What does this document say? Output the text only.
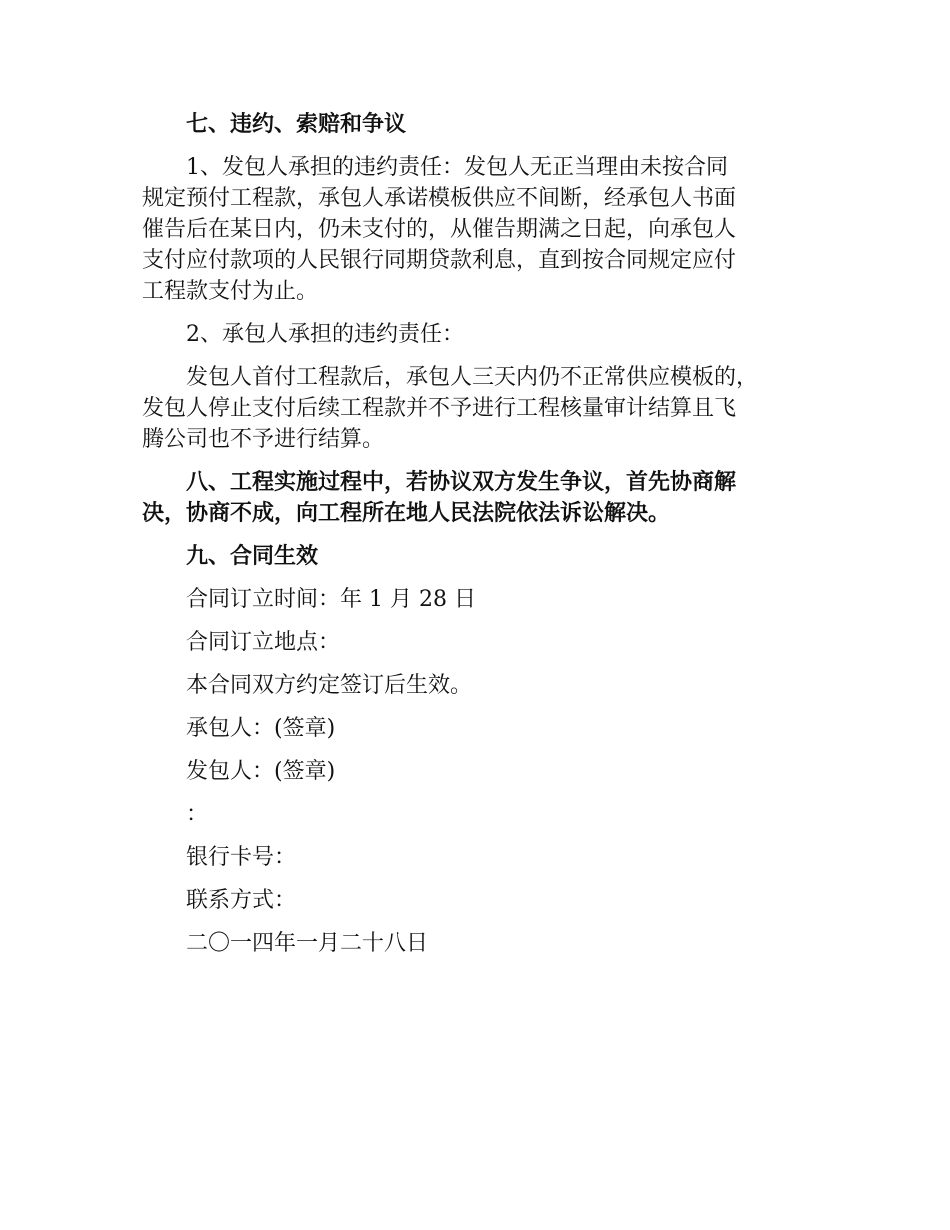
七、违约、索赔和争议

1、发包人承担的违约责任：发包人无正当理由未按合同
规定预付工程款，承包人承诺模板供应不间断，经承包人书面
催告后在某日内，仍未支付的，从催告期满之日起，向承包人
支付应付款项的人民银行同期贷款利息，直到按合同规定应付
工程款支付为止。

2、承包人承担的违约责任：

发包人首付工程款后，承包人三天内仍不正常供应模板的，
发包人停止支付后续工程款并不予进行工程核量审计结算且飞
腾公司也不予进行结算。

八、工程实施过程中，若协议双方发生争议，首先协商解
决，协商不成，向工程所在地人民法院依法诉讼解决。

九、合同生效

合同订立时间：年 1 月 28 日

合同订立地点：

本合同双方约定签订后生效。

承包人：(签章)

发包人：(签章)

：

银行卡号：

联系方式：

二〇一四年一月二十八日
